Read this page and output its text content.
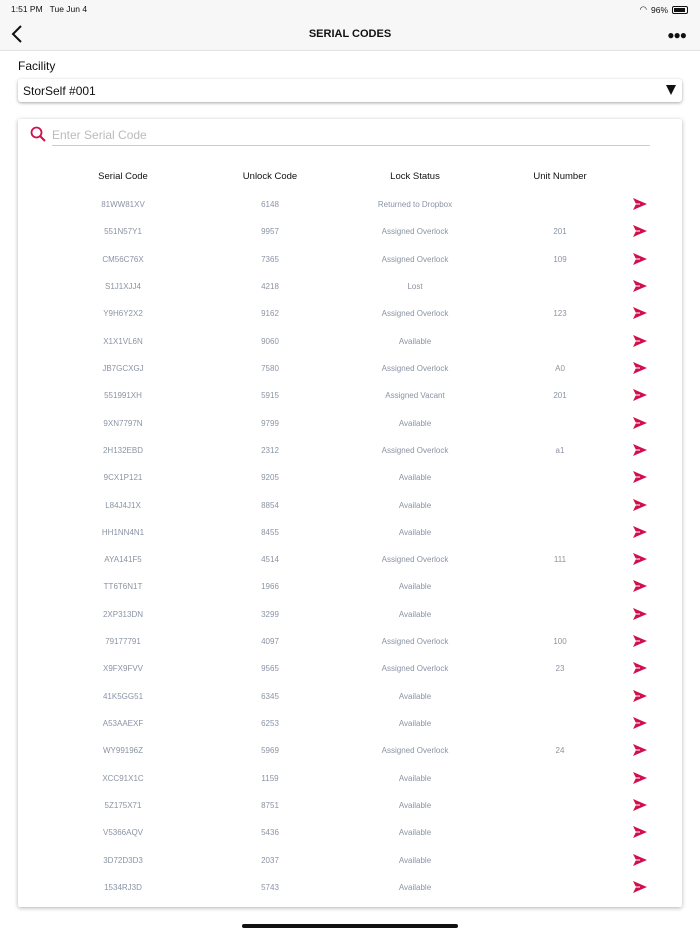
1:51 PM Tue Jun 4	◠ 96%
SERIAL CODES	●●●
Facility
StorSelf #001
Enter Serial Code
Serial Code	Unlock Code	Lock Status	Unit Number
81WW81XV	6148	Returned to Dropbox
551N57Y1	9957	Assigned Overlock	201
CM56C76X	7365	Assigned Overlock	109
S1J1XJJ4	4218	Lost
Y9H6Y2X2	9162	Assigned Overlock	123
X1X1VL6N	9060	Available
JB7GCXGJ	7580	Assigned Overlock	A0
551991XH	5915	Assigned Vacant	201
9XN7797N	9799	Available
2H132EBD	2312	Assigned Overlock	a1
9CX1P121	9205	Available
L84J4J1X	8854	Available
HH1NN4N1	8455	Available
AYA141F5	4514	Assigned Overlock	111
TT6T6N1T	1966	Available
2XP313DN	3299	Available
79177791	4097	Assigned Overlock	100
X9FX9FVV	9565	Assigned Overlock	23
41K5GG51	6345	Available
A53AAEXF	6253	Available
WY99196Z	5969	Assigned Overlock	24
XCC91X1C	1159	Available
5Z175X71	8751	Available
V5366AQV	5436	Available
3D72D3D3	2037	Available
1534RJ3D	5743	Available
